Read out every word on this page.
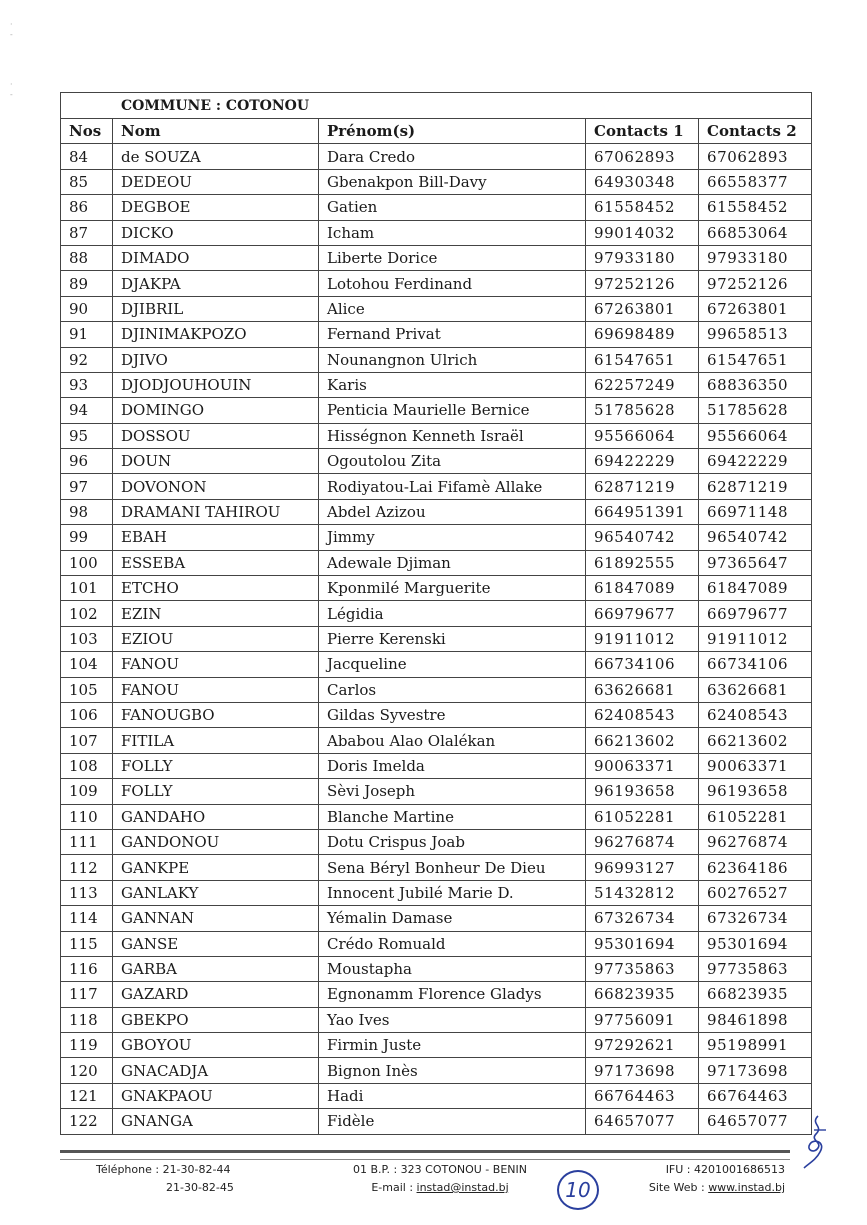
·
-

·
-
COMMUNE : COTONOU				
Nos	Nom	Prénom(s)	Contacts 1	Contacts 2
84	de SOUZA	Dara Credo	67062893	67062893
85	DEDEOU	Gbenakpon Bill-Davy	64930348	66558377
86	DEGBOE	Gatien	61558452	61558452
87	DICKO	Icham	99014032	66853064
88	DIMADO	Liberte Dorice	97933180	97933180
89	DJAKPA	Lotohou Ferdinand	97252126	97252126
90	DJIBRIL	Alice	67263801	67263801
91	DJINIMAKPOZO	Fernand Privat	69698489	99658513
92	DJIVO	Nounangnon Ulrich	61547651	61547651
93	DJODJOUHOUIN	Karis	62257249	68836350
94	DOMINGO	Penticia Maurielle Bernice	51785628	51785628
95	DOSSOU	Hisségnon Kenneth Israël	95566064	95566064
96	DOUN	Ogoutolou Zita	69422229	69422229
97	DOVONON	Rodiyatou-Lai Fifamè Allake	62871219	62871219
98	DRAMANI TAHIROU	Abdel Azizou	664951391	66971148
99	EBAH	Jimmy	96540742	96540742
100	ESSEBA	Adewale Djiman	61892555	97365647
101	ETCHO	Kponmilé Marguerite	61847089	61847089
102	EZIN	Légidia	66979677	66979677
103	EZIOU	Pierre Kerenski	91911012	91911012
104	FANOU	Jacqueline	66734106	66734106
105	FANOU	Carlos	63626681	63626681
106	FANOUGBO	Gildas Syvestre	62408543	62408543
107	FITILA	Ababou Alao Olalékan	66213602	66213602
108	FOLLY	Doris Imelda	90063371	90063371
109	FOLLY	Sèvi Joseph	96193658	96193658
110	GANDAHO	Blanche Martine	61052281	61052281
111	GANDONOU	Dotu Crispus Joab	96276874	96276874
112	GANKPE	Sena Béryl Bonheur De Dieu	96993127	62364186
113	GANLAKY	Innocent Jubilé Marie D.	51432812	60276527
114	GANNAN	Yémalin Damase	67326734	67326734
115	GANSE	Crédo Romuald	95301694	95301694
116	GARBA	Moustapha	97735863	97735863
117	GAZARD	Egnonamm Florence Gladys	66823935	66823935
118	GBEKPO	Yao Ives	97756091	98461898
119	GBOYOU	Firmin Juste	97292621	95198991
120	GNACADJA	Bignon Inès	97173698	97173698
121	GNAKPAOU	Hadi	66764463	66764463
122	GNANGA	Fidèle	64657077	64657077
Téléphone : 21-30-82-44
21-30-82-45
01 B.P. : 323 COTONOU - BENIN
E-mail : instad@instad.bj
IFU : 4201001686513
Site Web : www.instad.bj
10
